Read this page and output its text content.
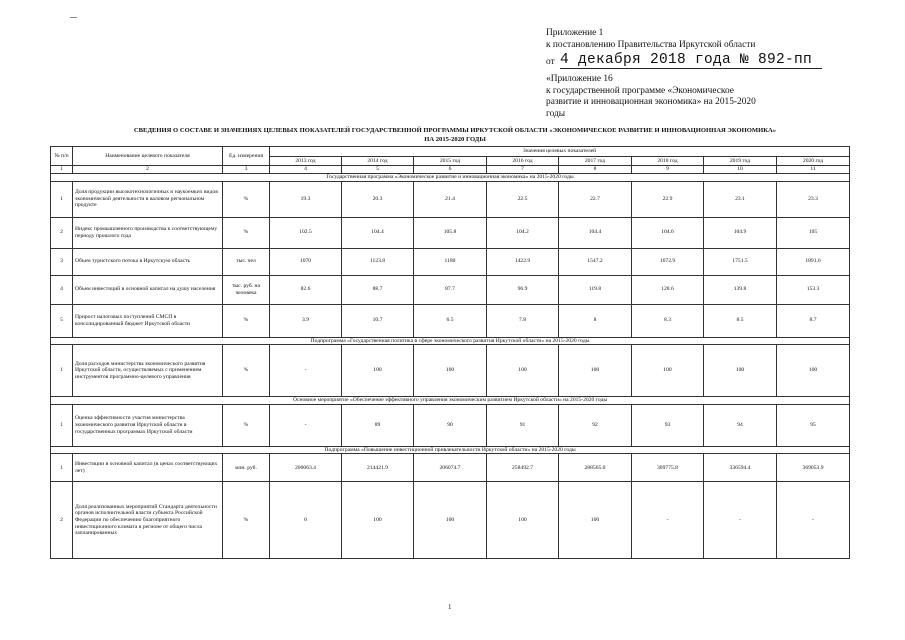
Приложение 1
к постановлению Правительства Иркутской области
от 4 декабря 2018 года № 892-пп
«Приложение 16
к государственной программе «Экономическое
развитие и инновационная экономика» на 2015-2020
годы
СВЕДЕНИЯ О СОСТАВЕ И ЗНАЧЕНИЯХ ЦЕЛЕВЫХ ПОКАЗАТЕЛЕЙ ГОСУДАРСТВЕННОЙ ПРОГРАММЫ ИРКУТСКОЙ ОБЛАСТИ «ЭКОНОМИЧЕСКОЕ РАЗВИТИЕ И ИННОВАЦИОННАЯ ЭКОНОМИКА»
НА 2015-2020 ГОДЫ
№ п/п	Наименование целевого показателя	Ед. измерения	Значения целевых показателей							
			2013 год	2014 год	2015 год	2016 год	2017 год	2018 год	2019 год	2020 год
1	2	3	4	5	6	7	8	9	10	11
Государственная программа «Экономическое развитие и инновационная экономика» на 2015-2020 годы										
1	Доля продукции высокотехнологичных и наукоемких видов экономической деятельности в валовом региональном продукте	%	19.3	20.3	21.4	22.5	22.7	22.9	23.1	23.3
2	Индекс промышленного производства к соответствующему периоду прошлого года	%	102.5	104.4	105.8	104.2	104.4	104.6	104.9	105
3	Объем туристского потока в Иркутскую область	тыс. чел	1070	1123.8	1180	1422.9	1547.2	1672.9	1751.5	1891.6
4	Объем инвестиций в основной капитал на душу населения	тыс. руб. на человека	82.6	88.7	87.7	96.9	119.8	128.6	139.8	153.3
5	Прирост налоговых поступлений СМСП в консолидированный бюджет Иркутской области	%	3.9	10.7	6.5	7.8	8	8.3	8.5	8.7
Подпрограмма «Государственная политика в сфере экономического развития Иркутской области» на 2015-2020 годы										
1	Доля расходов министерства экономического развития Иркутской области, осуществляемых с применением инструментов программно-целевого управления	%	-	100	100	100	100	100	100	100
Основное мероприятие «Обеспечение эффективного управления экономическим развитием Иркутской области» на 2015-2020 годы										
1	Оценка эффективности участия министерства экономического развития Иркутской области в государственных программах Иркутской области	%	-	89	90	91	92	93	94	95
Подпрограмма «Повышение инвестиционной привлекательности Иркутской области» на 2015-2020 годы										
1	Инвестиции в основной капитал (в ценах соответствующих лет)	млн. руб.	200063.4	214421.9	206074.7	258492.7	288565.0	309775.8	336594.4	369053.9
2	Доля реализованных мероприятий Стандарта деятельности органов исполнительной власти субъекта Российской Федерации по обеспечению благоприятного инвестиционного климата в регионе от общего числа запланированных	%	0	100	100	100	100	-	-	-
1
